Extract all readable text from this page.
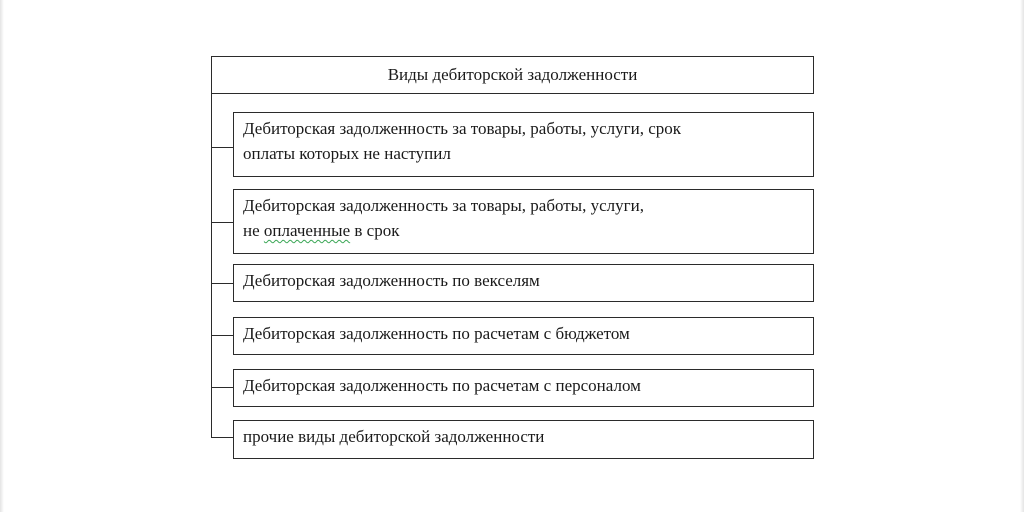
Виды дебиторской задолженности
Дебиторская задолженность за товары, работы, услуги, срок
оплаты которых не наступил
Дебиторская задолженность за товары, работы, услуги,
не оплаченные в срок
Дебиторская задолженность по векселям
Дебиторская задолженность по расчетам с бюджетом
Дебиторская задолженность по расчетам с персоналом
прочие виды дебиторской задолженности
